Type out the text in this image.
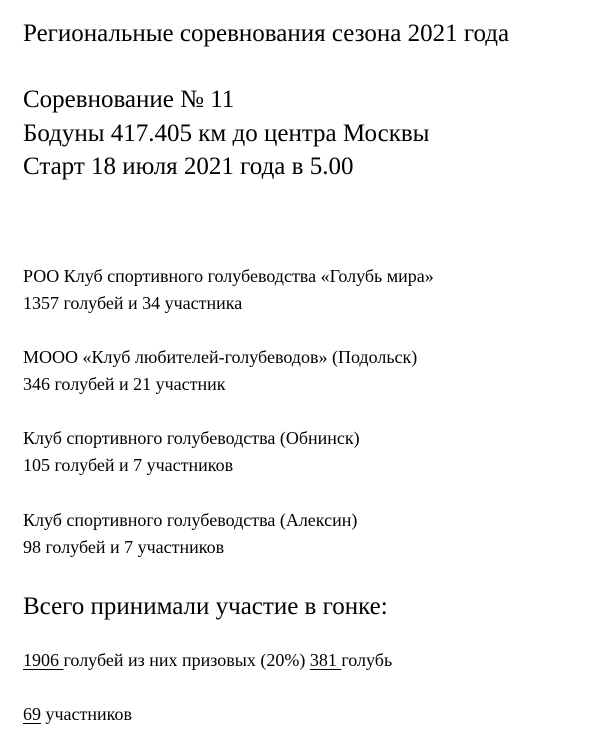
Региональные соревнования сезона 2021 года
Соревнование № 11
Бодуны 417.405 км до центра Москвы
Старт 18 июля 2021 года в 5.00
РОО Клуб спортивного голубеводства «Голубь мира»
1357 голубей и 34 участника
МООО «Клуб любителей-голубеводов» (Подольск)
346 голубей и 21 участник
Клуб спортивного голубеводства (Обнинск)
105 голубей и 7 участников
Клуб спортивного голубеводства (Алексин)
98 голубей и 7 участников
Всего принимали участие в гонке:
1906 голубей из них призовых (20%) 381 голубь
69 участников
